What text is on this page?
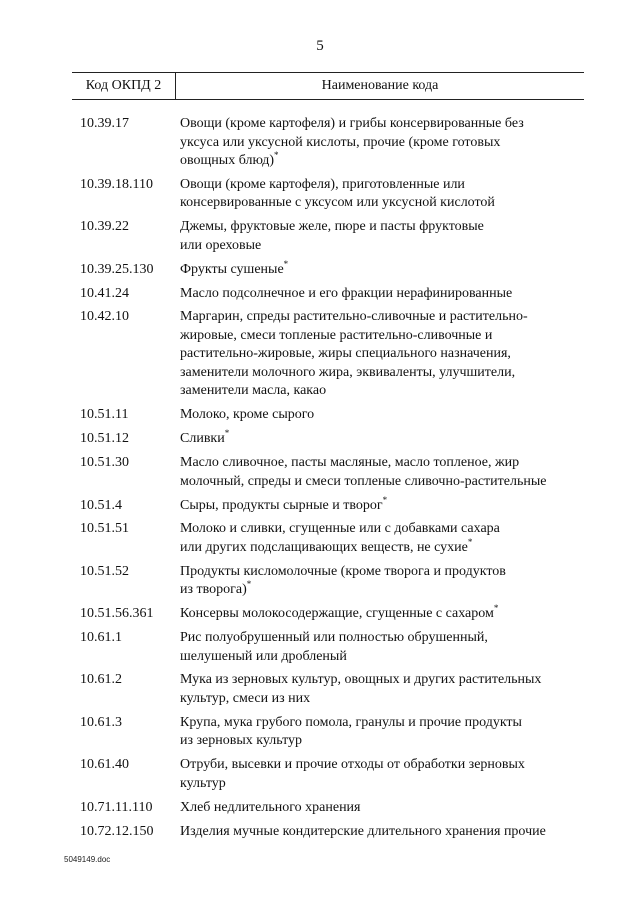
5
Код ОКПД 2	Наименование кода
10.39.17	Овощи (кроме картофеля) и грибы консервированные без
уксуса или уксусной кислоты, прочие (кроме готовых
овощных блюд)*
10.39.18.110	Овощи (кроме картофеля), приготовленные или
консервированные с уксусом или уксусной кислотой
10.39.22	Джемы, фруктовые желе, пюре и пасты фруктовые
или ореховые
10.39.25.130	Фрукты сушеные*
10.41.24	Масло подсолнечное и его фракции нерафинированные
10.42.10	Маргарин, спреды растительно-сливочные и растительно-
жировые, смеси топленые растительно-сливочные и
растительно-жировые, жиры специального назначения,
заменители молочного жира, эквиваленты, улучшители,
заменители масла, какао
10.51.11	Молоко, кроме сырого
10.51.12	Сливки*
10.51.30	Масло сливочное, пасты масляные, масло топленое, жир
молочный, спреды и смеси топленые сливочно-растительные
10.51.4	Сыры, продукты сырные и творог*
10.51.51	Молоко и сливки, сгущенные или с добавками сахара
или других подслащивающих веществ, не сухие*
10.51.52	Продукты кисломолочные (кроме творога и продуктов
из творога)*
10.51.56.361	Консервы молокосодержащие, сгущенные с сахаром*
10.61.1	Рис полуобрушенный или полностью обрушенный,
шелушеный или дробленый
10.61.2	Мука из зерновых культур, овощных и других растительных
культур, смеси из них
10.61.3	Крупа, мука грубого помола, гранулы и прочие продукты
из зерновых культур
10.61.40	Отруби, высевки и прочие отходы от обработки зерновых
культур
10.71.11.110	Хлеб недлительного хранения
10.72.12.150	Изделия мучные кондитерские длительного хранения прочие
5049149.doc
